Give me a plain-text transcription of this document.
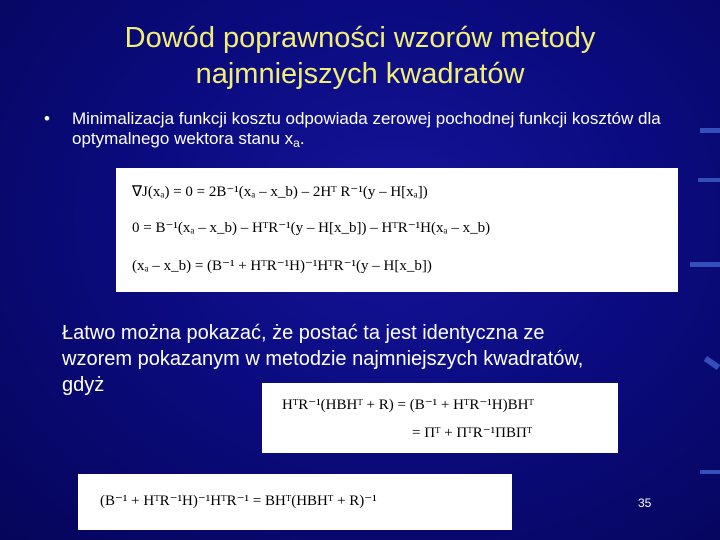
Dowód poprawności wzorów metody
najmniejszych kwadratów
• Minimalizacja funkcji kosztu odpowiada zerowej pochodnej funkcji kosztów dla optymalnego wektora stanu xa.
∇J(xₐ) = 0 = 2B⁻¹(xₐ – x_b) – 2Hᵀ R⁻¹(y – H[xₐ])
0 = B⁻¹(xₐ – x_b) – HᵀR⁻¹(y – H[x_b]) – HᵀR⁻¹H(xₐ – x_b)
(xₐ – x_b) = (B⁻¹ + HᵀR⁻¹H)⁻¹HᵀR⁻¹(y – H[x_b])
Łatwo można pokazać, że postać ta jest identyczna ze
wzorem pokazanym w metodzie najmniejszych kwadratów,
gdyż
HᵀR⁻¹(HBHᵀ + R) = (B⁻¹ + HᵀR⁻¹H)BHᵀ
= Πᵀ + ΠᵀR⁻¹ΠBΠᵀ
(B⁻¹ + HᵀR⁻¹H)⁻¹HᵀR⁻¹ = BHᵀ(HBHᵀ + R)⁻¹	35
